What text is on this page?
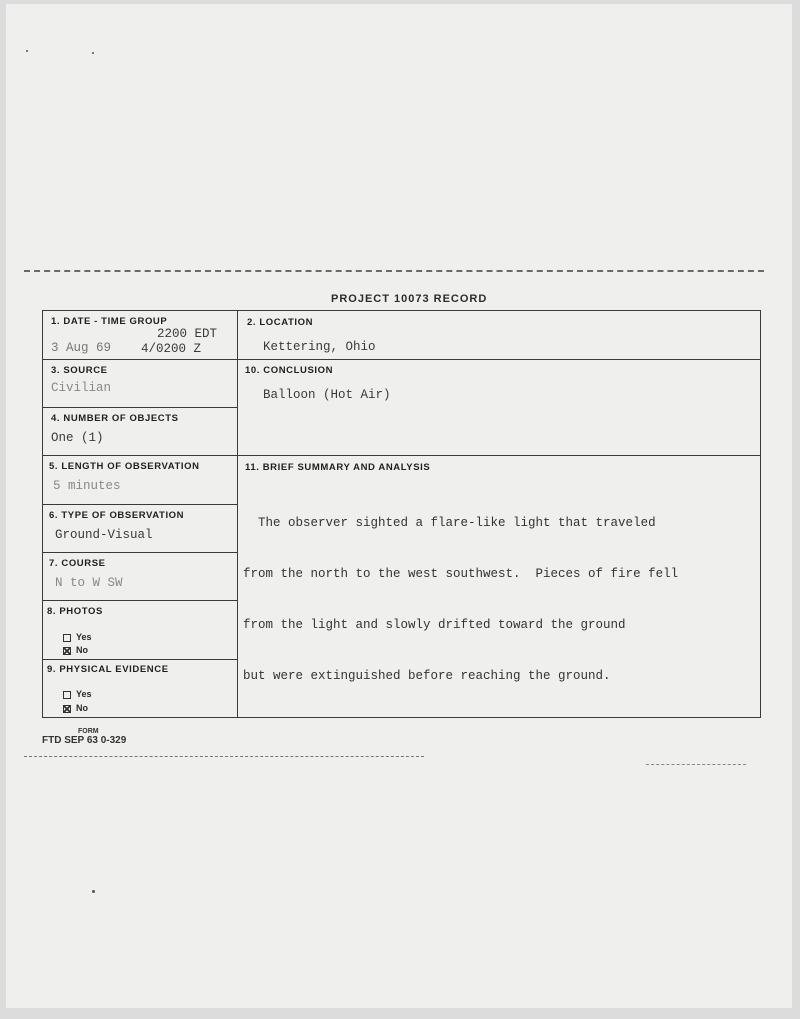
PROJECT 10073 RECORD
1. DATE - TIME GROUP
2200 EDT
3 Aug 69 4/0200 Z
2. LOCATION
Kettering, Ohio
3. SOURCE
Civilian
10. CONCLUSION
Balloon (Hot Air)
4. NUMBER OF OBJECTS
One (1)
5. LENGTH OF OBSERVATION
5 minutes
11. BRIEF SUMMARY AND ANALYSIS

The observer sighted a flare-like light that traveled

from the north to the west southwest.  Pieces of fire fell

from the light and slowly drifted toward the ground

but were extinguished before reaching the ground.

6. TYPE OF OBSERVATION
Ground-Visual
7. COURSE
N to W SW
8. PHOTOS
Yes
No
9. PHYSICAL EVIDENCE
Yes
No
FORM
FTD SEP 63 0-329
